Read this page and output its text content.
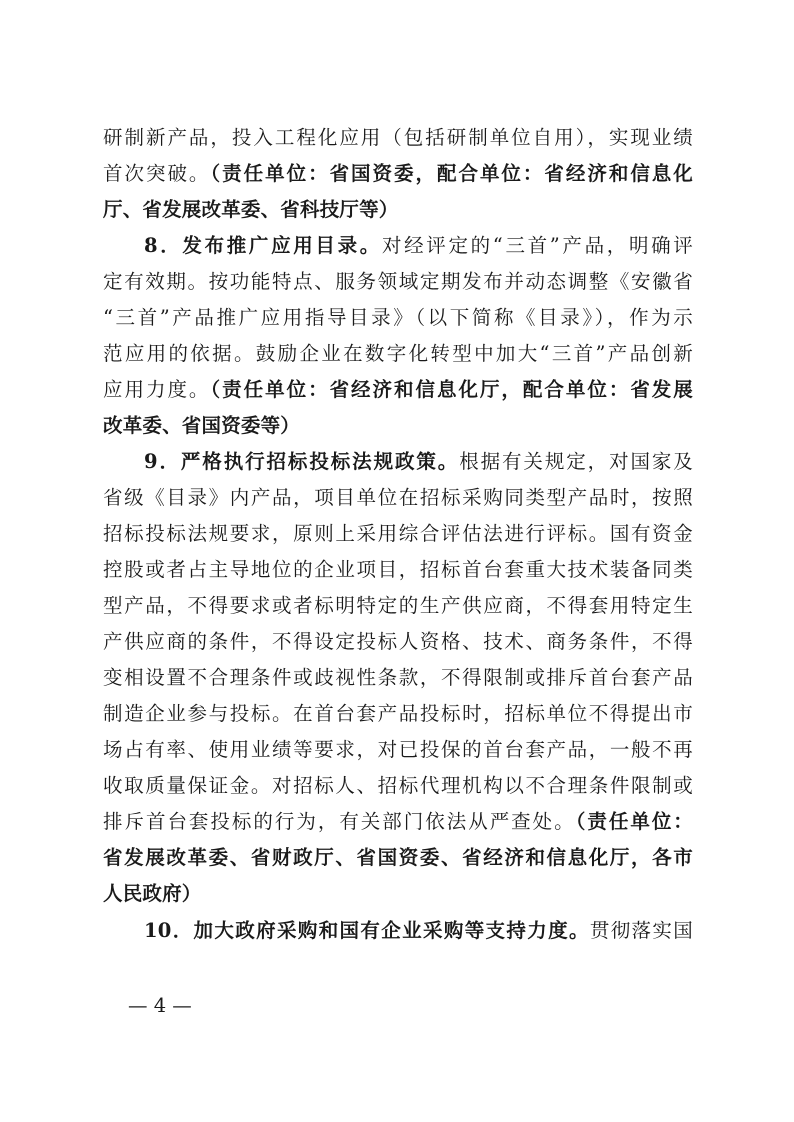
研制新产品，投入工程化应用（包括研制单位自用），实现业绩
首次突破。（责任单位：省国资委，配合单位：省经济和信息化
厅、省发展改革委、省科技厅等）
8．发布推广应用目录。对经评定的“三首”产品，明确评
定有效期。按功能特点、服务领域定期发布并动态调整《安徽省
“三首”产品推广应用指导目录》（以下简称《目录》），作为示
范应用的依据。鼓励企业在数字化转型中加大“三首”产品创新
应用力度。（责任单位：省经济和信息化厅，配合单位：省发展
改革委、省国资委等）
9．严格执行招标投标法规政策。根据有关规定，对国家及
省级《目录》内产品，项目单位在招标采购同类型产品时，按照
招标投标法规要求，原则上采用综合评估法进行评标。国有资金
控股或者占主导地位的企业项目，招标首台套重大技术装备同类
型产品，不得要求或者标明特定的生产供应商，不得套用特定生
产供应商的条件，不得设定投标人资格、技术、商务条件，不得
变相设置不合理条件或歧视性条款，不得限制或排斥首台套产品
制造企业参与投标。在首台套产品投标时，招标单位不得提出市
场占有率、使用业绩等要求，对已投保的首台套产品，一般不再
收取质量保证金。对招标人、招标代理机构以不合理条件限制或
排斥首台套投标的行为，有关部门依法从严查处。（责任单位：
省发展改革委、省财政厅、省国资委、省经济和信息化厅，各市
人民政府）
10．加大政府采购和国有企业采购等支持力度。贯彻落实国
— 4 —
